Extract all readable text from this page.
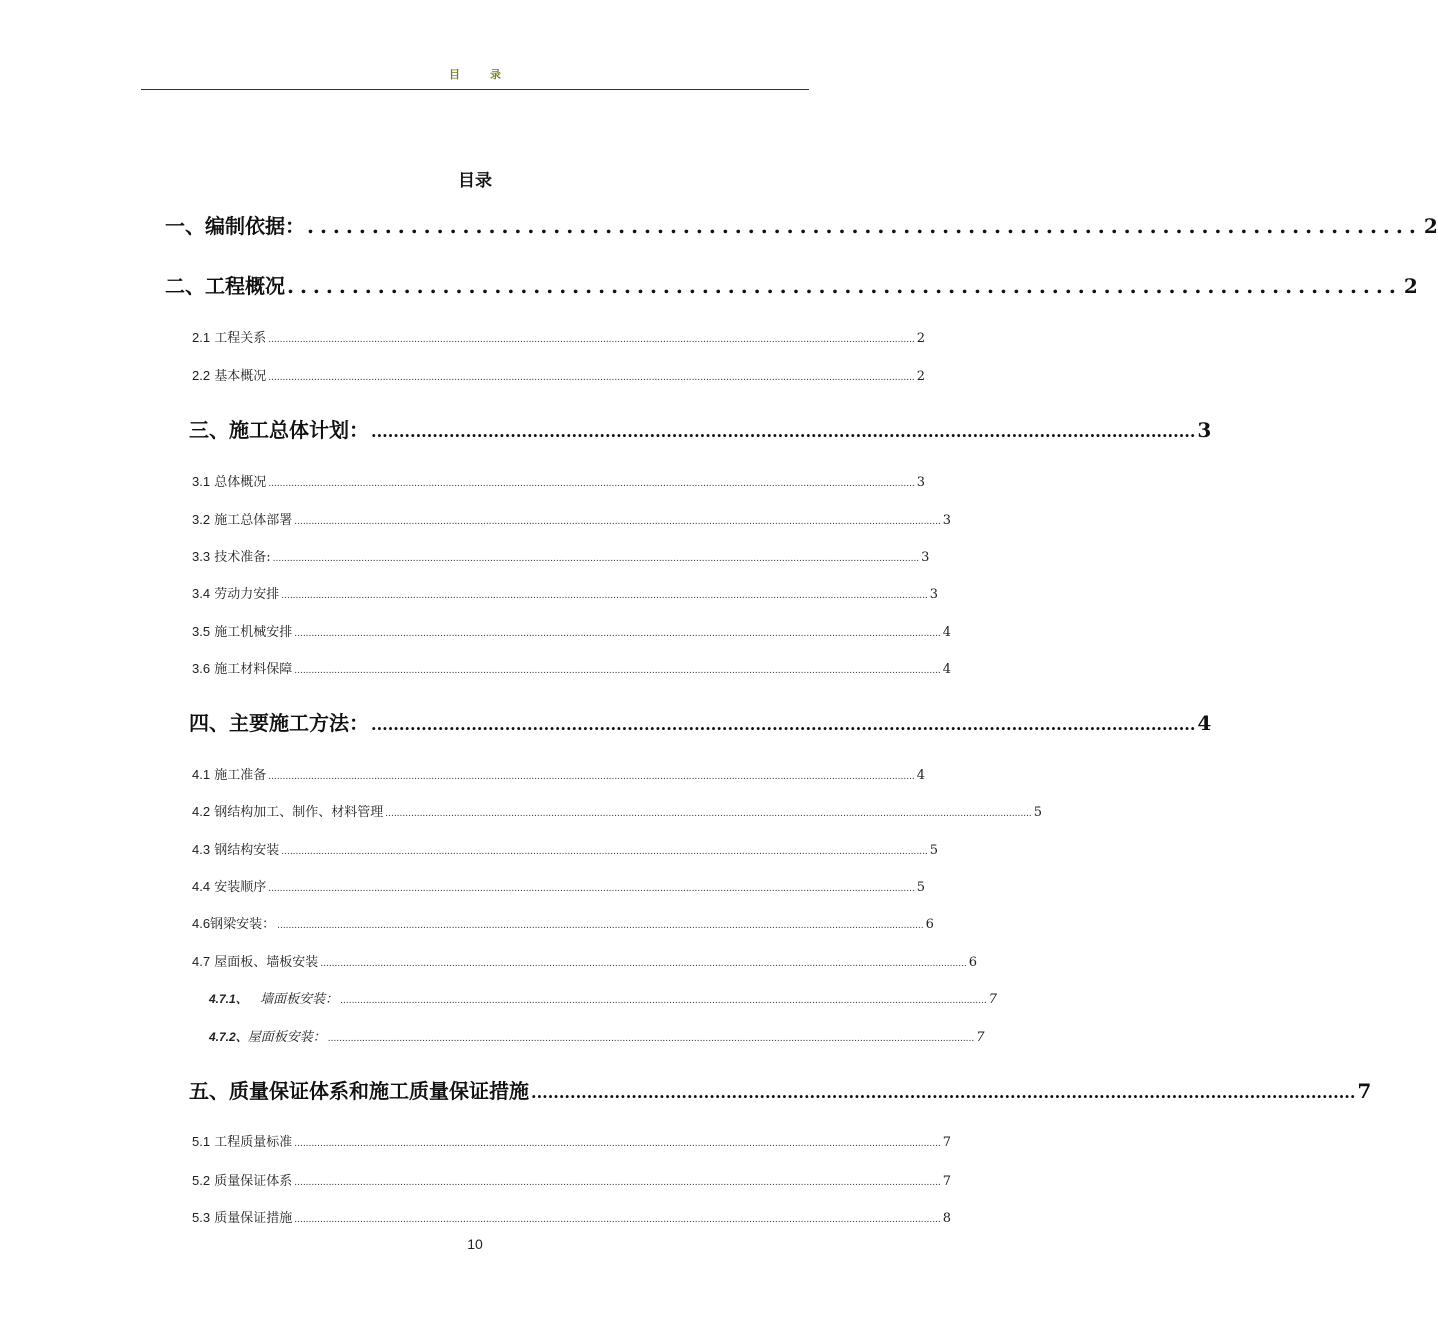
目	录
目录
一、编制依据： ...................................................................................... 2
二、工程概况 ...................................................................................... 2
2.1 工程关系 .................................................................................................................................................................................................................................. 2
2.2 基本概况 .................................................................................................................................................................................................................................. 2
三、施工总体计划： .................................................................................................................................................... 3
3.1 总体概况 .................................................................................................................................................................................................................................. 3
3.2 施工总体部署 .................................................................................................................................................................................................................................. 3
3.3 技术准备: .................................................................................................................................................................................................................................. 3
3.4 劳动力安排 .................................................................................................................................................................................................................................. 3
3.5 施工机械安排 .................................................................................................................................................................................................................................. 4
3.6 施工材料保障 .................................................................................................................................................................................................................................. 4
四、主要施工方法： .................................................................................................................................................... 4
4.1 施工准备 .................................................................................................................................................................................................................................. 4
4.2 钢结构加工、制作、材料管理 .................................................................................................................................................................................................................................. 5
4.3 钢结构安装 .................................................................................................................................................................................................................................. 5
4.4 安装顺序 .................................................................................................................................................................................................................................. 5
4.6钢梁安装： .................................................................................................................................................................................................................................. 6
4.7 屋面板、墙板安装 .................................................................................................................................................................................................................................. 6
4.7.1、 墙面板安装： .................................................................................................................................................................................................................................. 7
4.7.2、屋面板安装： .................................................................................................................................................................................................................................. 7
五、质量保证体系和施工质量保证措施 .................................................................................................................................................... 7
5.1 工程质量标准 .................................................................................................................................................................................................................................. 7
5.2 质量保证体系 .................................................................................................................................................................................................................................. 7
5.3 质量保证措施 .................................................................................................................................................................................................................................. 8
10
